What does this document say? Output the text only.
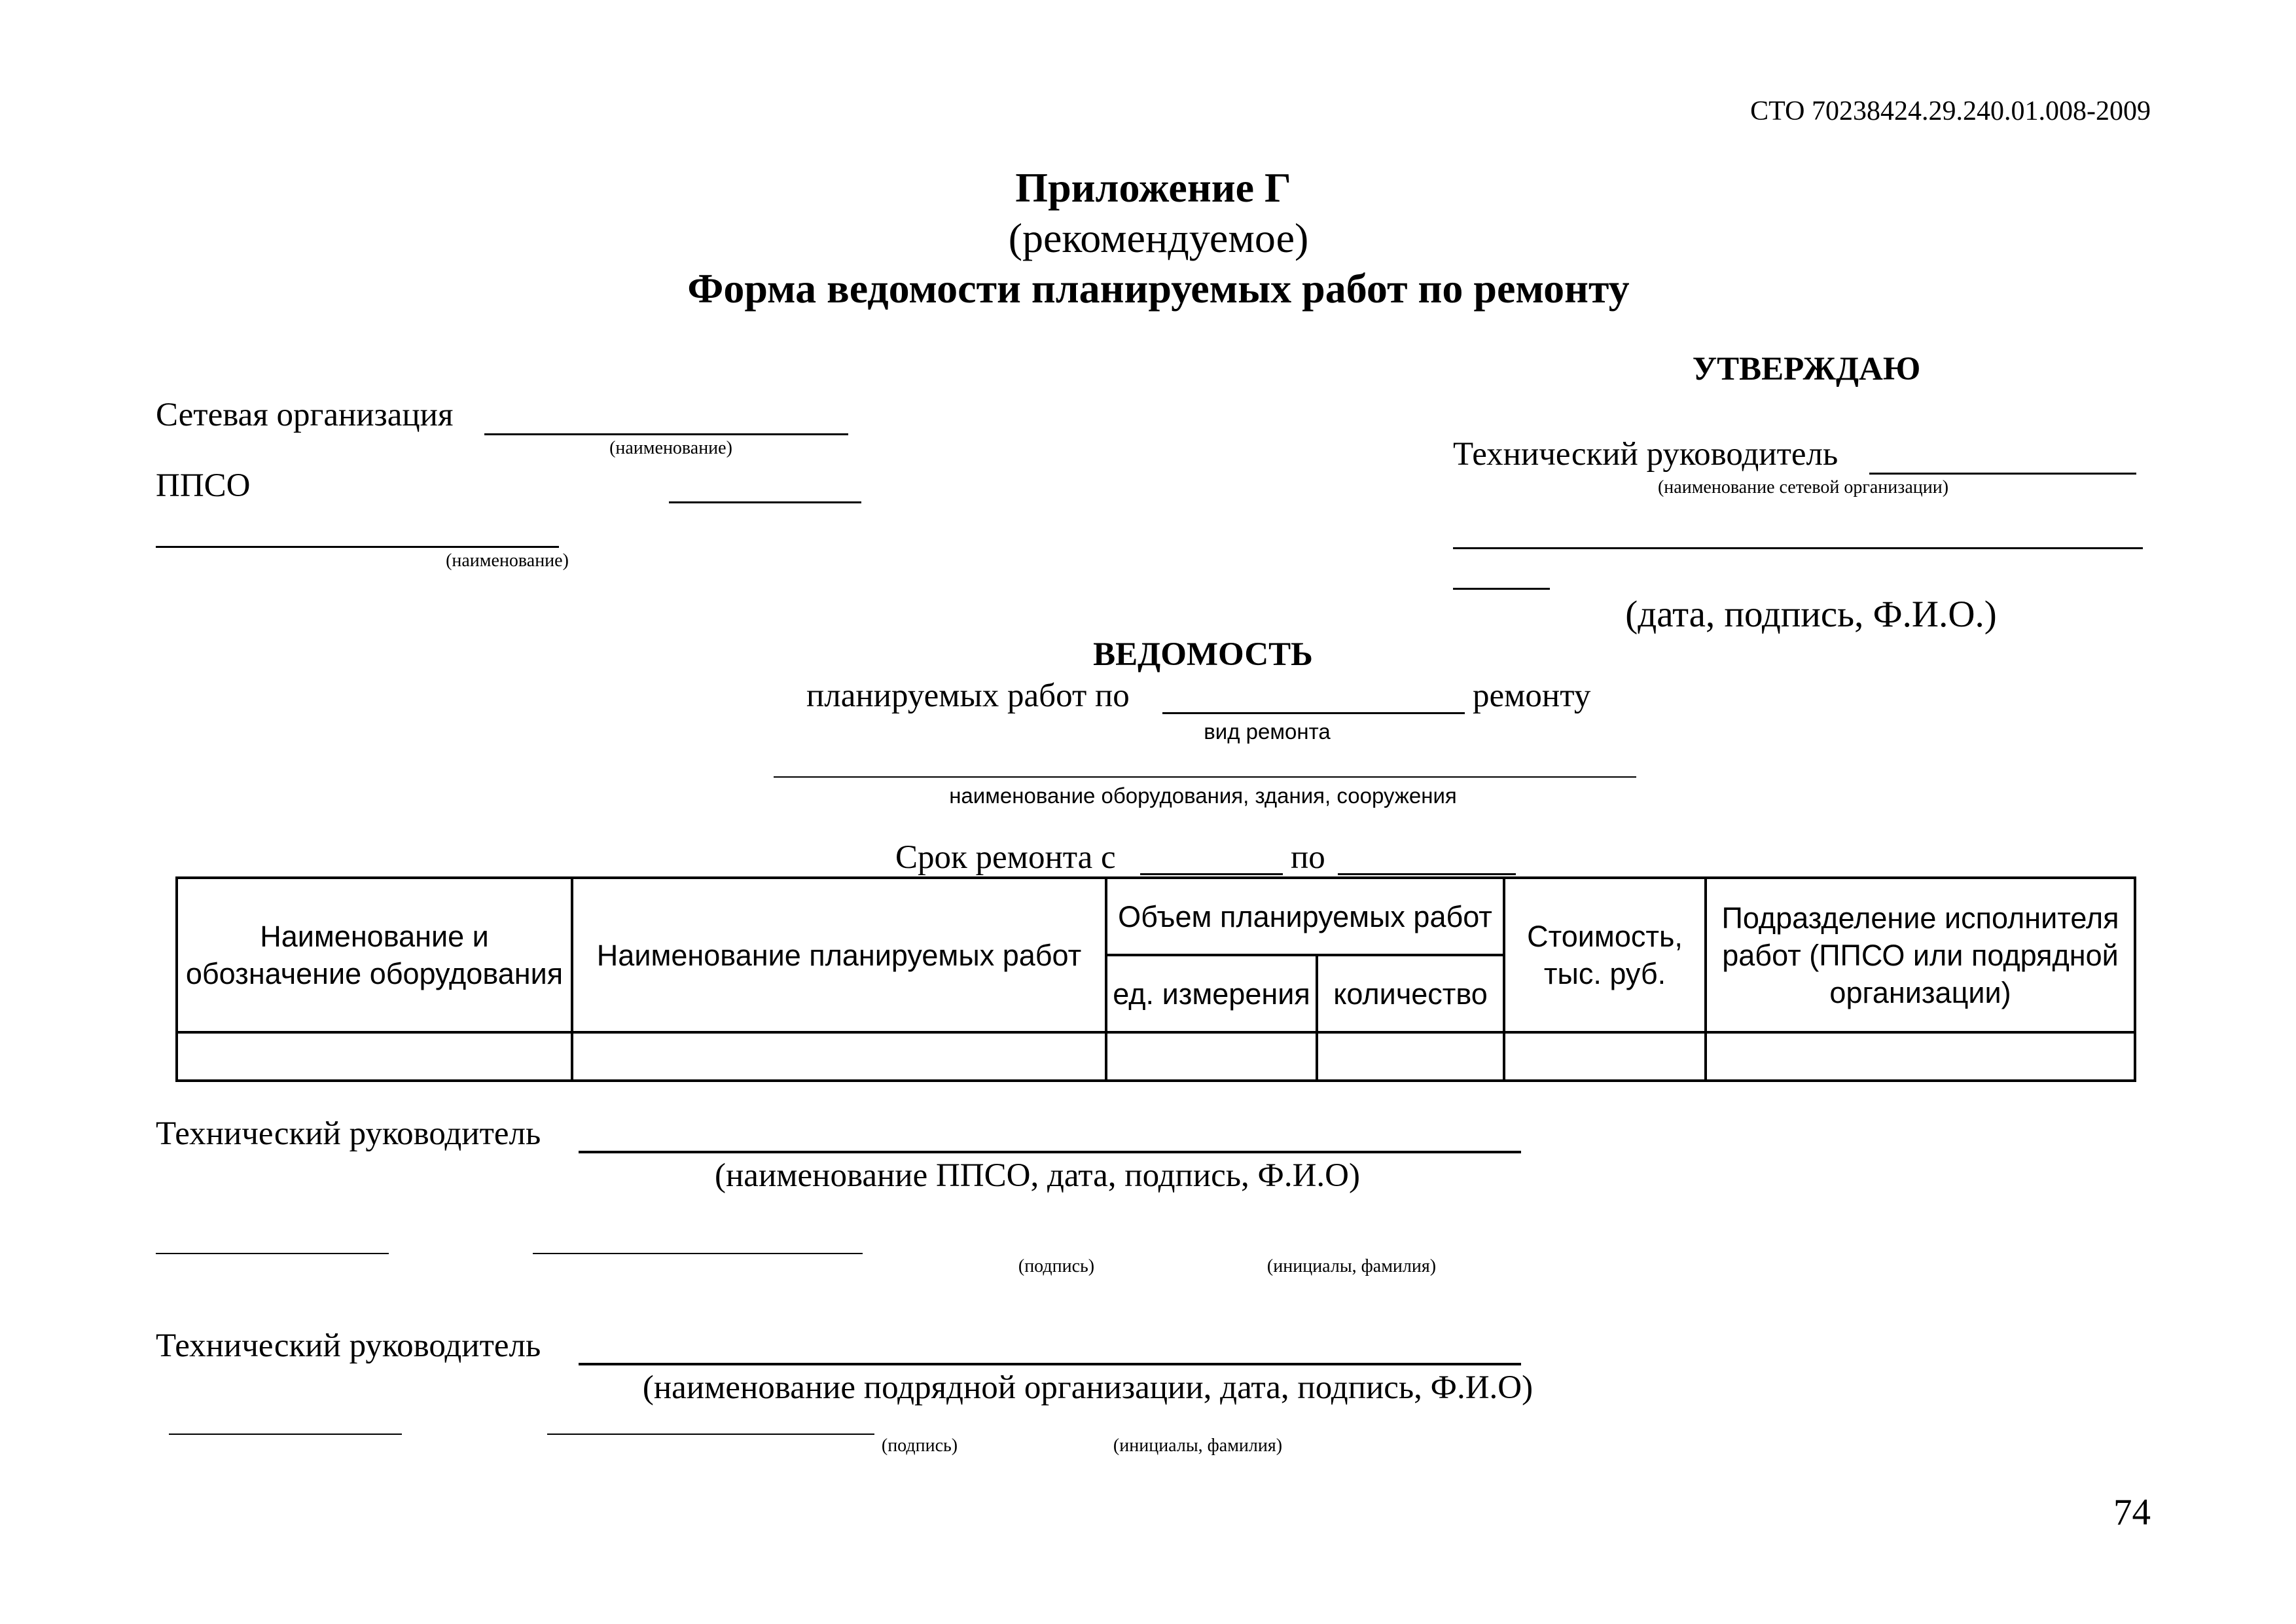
СТО 70238424.29.240.01.008-2009
Приложение Г
(рекомендуемое)
Форма ведомости планируемых работ по ремонту
УТВЕРЖДАЮ
Технический руководитель
(наименование сетевой организации)
(дата, подпись, Ф.И.О.)
Сетевая организация
(наименование)
ППСО
(наименование)
ВЕДОМОСТЬ
планируемых работ по	ремонту
вид ремонта
наименование оборудования, здания, сооружения
Срок ремонта с	по
Наименование и обозначение оборудования	Наименование планируемых работ	Объем планируемых работ		Стоимость, тыс. руб.	Подразделение исполнителя работ (ППСО или подрядной организации)
		ед. измерения	количество		

Технический руководитель
(наименование ППСО, дата, подпись, Ф.И.О)
(подпись)	(инициалы, фамилия)
Технический руководитель
(наименование подрядной организации, дата, подпись, Ф.И.О)
(подпись)	(инициалы, фамилия)
74
